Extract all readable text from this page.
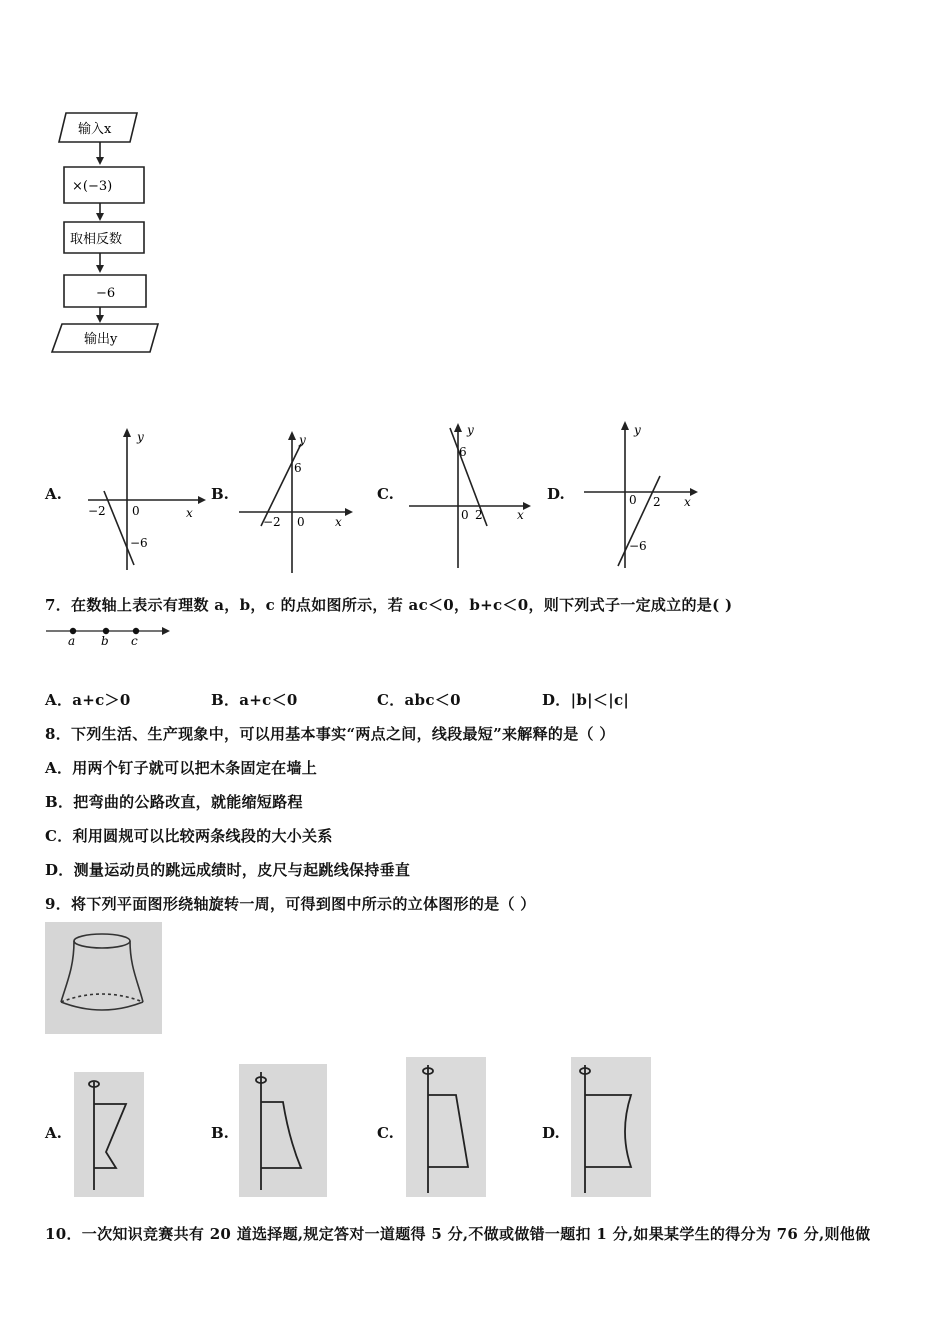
输入x
×(−3)
取相反数
−6
输出y
A.	B.	C.	D.
y
x
0
−2
−6
y
x
0
−2
6
y
x
0 2
6
y
x
0 2
−6
7．在数轴上表示有理数 a，b，c 的点如图所示，若 ac＜0，b+c＜0，则下列式子一定成立的是( )
a b c
A．a+c＞0	B．a+c＜0	C．abc＜0	D．|b|＜|c|
8．下列生活、生产现象中，可以用基本事实“两点之间，线段最短”来解释的是（ ）
A．用两个钉子就可以把木条固定在墙上
B．把弯曲的公路改直，就能缩短路程
C．利用圆规可以比较两条线段的大小关系
D．测量运动员的跳远成绩时，皮尺与起跳线保持垂直
9．将下列平面图形绕轴旋转一周，可得到图中所示的立体图形的是（ ）
A.	B.	C.	D.
10．一次知识竞赛共有 20 道选择题,规定答对一道题得 5 分,不做或做错一题扣 1 分,如果某学生的得分为 76 分,则他做
